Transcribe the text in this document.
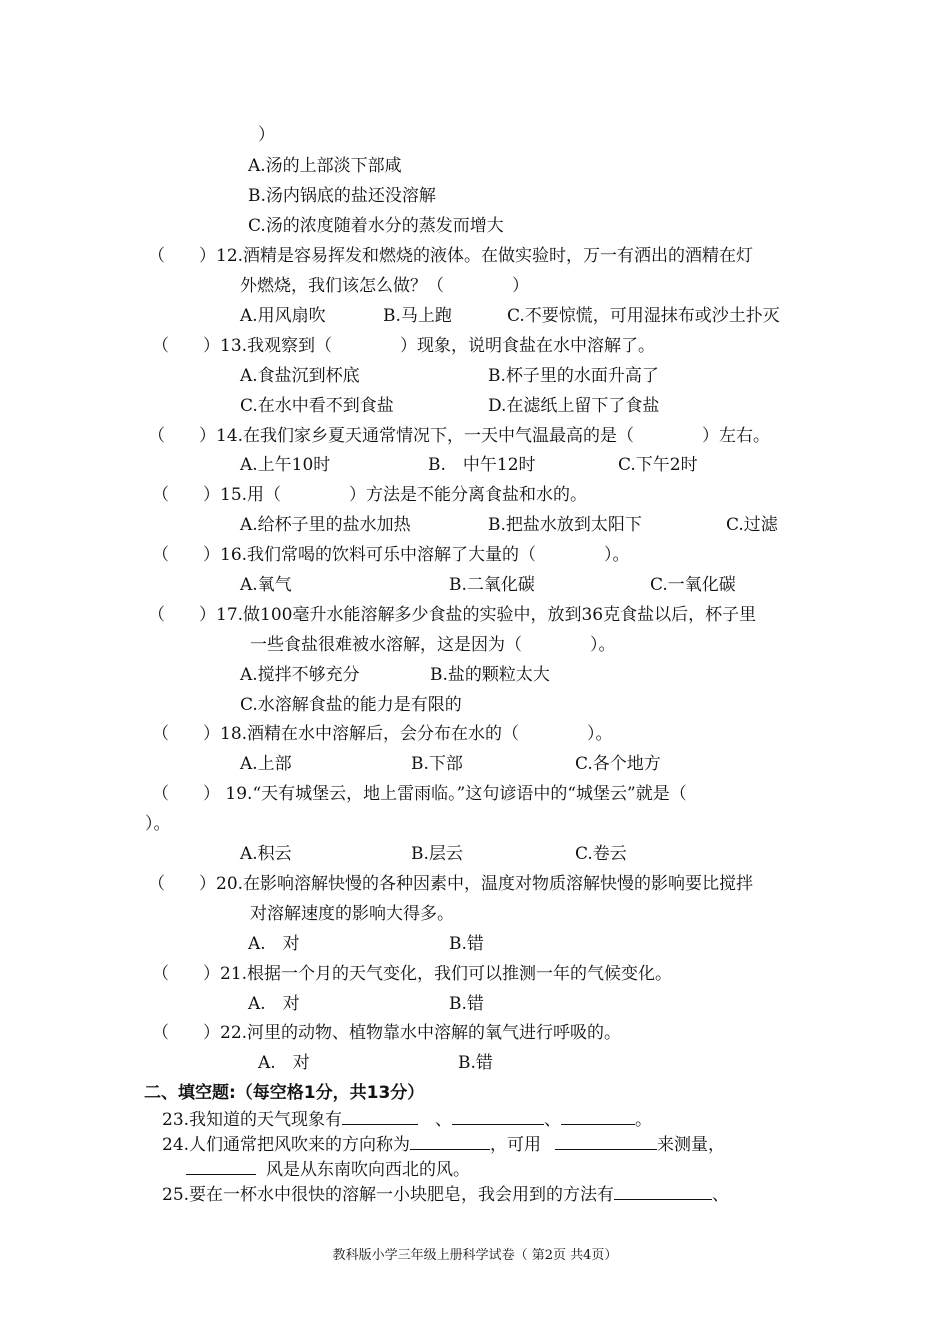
）
A.汤的上部淡下部咸
B.汤内锅底的盐还没溶解
C.汤的浓度随着水分的蒸发而增大
（　　）12.酒精是容易挥发和燃烧的液体。在做实验时，万一有洒出的酒精在灯
外燃烧，我们该怎么做？（　　　　）
A.用风扇吹	B.马上跑	C.不要惊慌，可用湿抹布或沙土扑灭
（　　）13.我观察到（　　　　）现象，说明食盐在水中溶解了。
A.食盐沉到杯底	B.杯子里的水面升高了
C.在水中看不到食盐	D.在滤纸上留下了食盐
（　　）14.在我们家乡夏天通常情况下，一天中气温最高的是（　　　　）左右。
A.上午10时	B.　中午12时	C.下午2时
（　　）15.用（　　　　）方法是不能分离食盐和水的。
A.给杯子里的盐水加热	B.把盐水放到太阳下	C.过滤
（　　）16.我们常喝的饮料可乐中溶解了大量的（　　　　）。
A.氧气	B.二氧化碳	C.一氧化碳
（　　）17.做100毫升水能溶解多少食盐的实验中，放到36克食盐以后，杯子里
一些食盐很难被水溶解，这是因为（　　　　）。
A.搅拌不够充分	B.盐的颗粒太大
C.水溶解食盐的能力是有限的
（　　）18.酒精在水中溶解后，会分布在水的（　　　　）。
A.上部	B.下部	C.各个地方
（　　） 19.“天有城堡云，地上雷雨临。”这句谚语中的“城堡云”就是（
）。
A.积云	B.层云	C.卷云
（　　）20.在影响溶解快慢的各种因素中，温度对物质溶解快慢的影响要比搅拌
对溶解速度的影响大得多。
A.　对	B.错
（　　）21.根据一个月的天气变化，我们可以推测一年的气候变化。
A.　对	B.错
（　　）22.河里的动物、植物靠水中溶解的氧气进行呼吸的。
A.　对	B.错
二、填空题:（每空格1分，共13分）
23.我知道的天气现象有	　、	、	。
24.人们通常把风吹来的方向称为	，可用	来测量，
风是从东南吹向西北的风。
25.要在一杯水中很快的溶解一小块肥皂，我会用到的方法有	、
教科版小学三年级上册科学试卷（ 第2页 共4页）
